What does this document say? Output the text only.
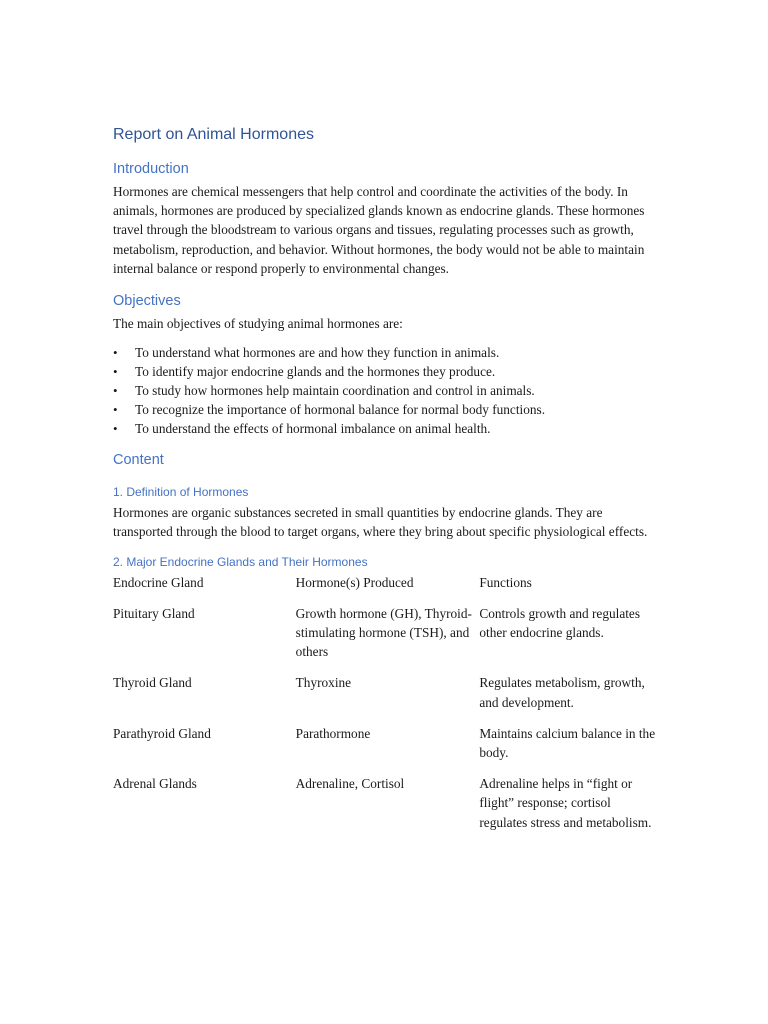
Report on Animal Hormones
Introduction

Hormones are chemical messengers that help control and coordinate the activities of the body. In animals, hormones are produced by specialized glands known as endocrine glands. These hormones travel through the bloodstream to various organs and tissues, regulating processes such as growth, metabolism, reproduction, and behavior. Without hormones, the body would not be able to maintain internal balance or respond properly to environmental changes.

Objectives

The main objectives of studying animal hormones are:

• To understand what hormones are and how they function in animals.
• To identify major endocrine glands and the hormones they produce.
• To study how hormones help maintain coordination and control in animals.
• To recognize the importance of hormonal balance for normal body functions.
• To understand the effects of hormonal imbalance on animal health.
Content
1. Definition of Hormones

Hormones are organic substances secreted in small quantities by endocrine glands. They are transported through the blood to target organs, where they bring about specific physiological effects.

2. Major Endocrine Glands and Their Hormones
Endocrine Gland	Hormone(s) Produced	Functions
Pituitary Gland	Growth hormone (GH), Thyroid-stimulating hormone (TSH), and others	Controls growth and regulates other endocrine glands.
Thyroid Gland	Thyroxine	Regulates metabolism, growth, and development.
Parathyroid Gland	Parathormone	Maintains calcium balance in the body.
Adrenal Glands	Adrenaline, Cortisol	Adrenaline helps in “fight or flight” response; cortisol regulates stress and metabolism.
